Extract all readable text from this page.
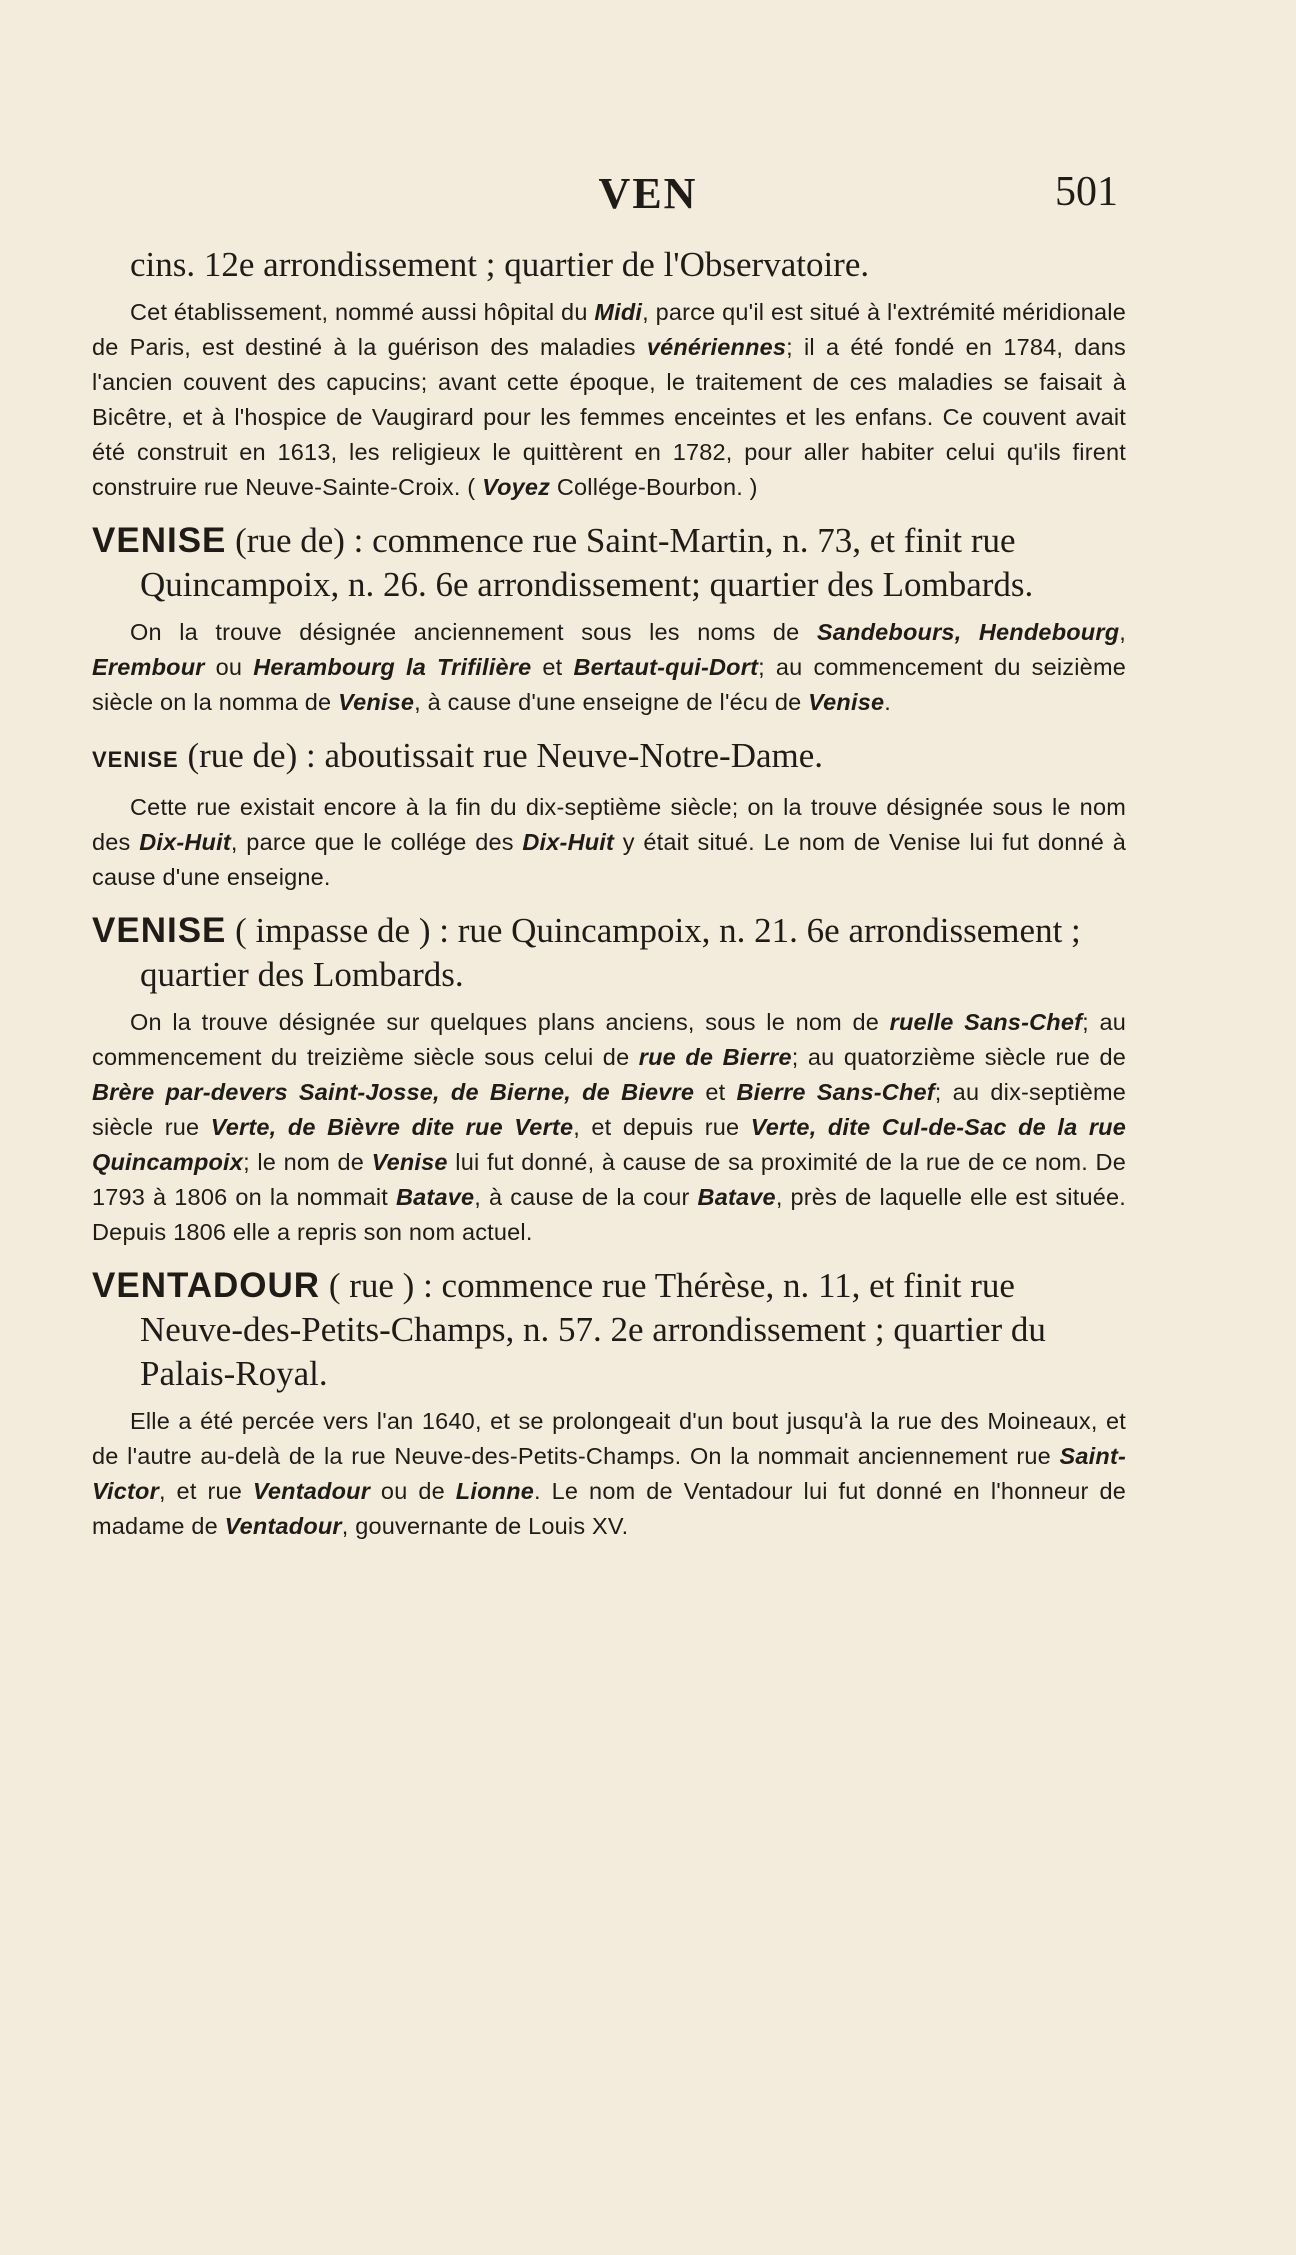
VEN	501

cins. 12e arrondissement ; quartier de l'Observatoire.

Cet établissement, nommé aussi hôpital du Midi, parce qu'il est situé à l'extrémité méridionale de Paris, est destiné à la guérison des maladies vénériennes; il a été fondé en 1784, dans l'ancien couvent des capucins; avant cette époque, le traitement de ces maladies se faisait à Bicêtre, et à l'hospice de Vaugirard pour les femmes enceintes et les enfans. Ce couvent avait été construit en 1613, les religieux le quittèrent en 1782, pour aller habiter celui qu'ils firent construire rue Neuve-Sainte-Croix. ( Voyez Collége-Bourbon. )

VENISE (rue de) : commence rue Saint-Martin, n. 73, et finit rue Quincampoix, n. 26. 6e arrondissement; quartier des Lombards.

On la trouve désignée anciennement sous les noms de Sandebours, Hendebourg, Erembour ou Herambourg la Trifilière et Bertaut-qui-Dort; au commencement du seizième siècle on la nomma de Venise, à cause d'une enseigne de l'écu de Venise.

VENISE (rue de) : aboutissait rue Neuve-Notre-Dame.

Cette rue existait encore à la fin du dix-septième siècle; on la trouve désignée sous le nom des Dix-Huit, parce que le collége des Dix-Huit y était situé. Le nom de Venise lui fut donné à cause d'une enseigne.

VENISE ( impasse de ) : rue Quincampoix, n. 21. 6e arrondissement ; quartier des Lombards.

On la trouve désignée sur quelques plans anciens, sous le nom de ruelle Sans-Chef; au commencement du treizième siècle sous celui de rue de Bierre; au quatorzième siècle rue de Brère par-devers Saint-Josse, de Bierne, de Bievre et Bierre Sans-Chef; au dix-septième siècle rue Verte, de Bièvre dite rue Verte, et depuis rue Verte, dite Cul-de-Sac de la rue Quincampoix; le nom de Venise lui fut donné, à cause de sa proximité de la rue de ce nom. De 1793 à 1806 on la nommait Batave, à cause de la cour Batave, près de laquelle elle est située. Depuis 1806 elle a repris son nom actuel.

VENTADOUR ( rue ) : commence rue Thérèse, n. 11, et finit rue Neuve-des-Petits-Champs, n. 57. 2e arrondissement ; quartier du Palais-Royal.

Elle a été percée vers l'an 1640, et se prolongeait d'un bout jusqu'à la rue des Moineaux, et de l'autre au-delà de la rue Neuve-des-Petits-Champs. On la nommait anciennement rue Saint-Victor, et rue Ventadour ou de Lionne. Le nom de Ventadour lui fut donné en l'honneur de madame de Ventadour, gouvernante de Louis XV.
